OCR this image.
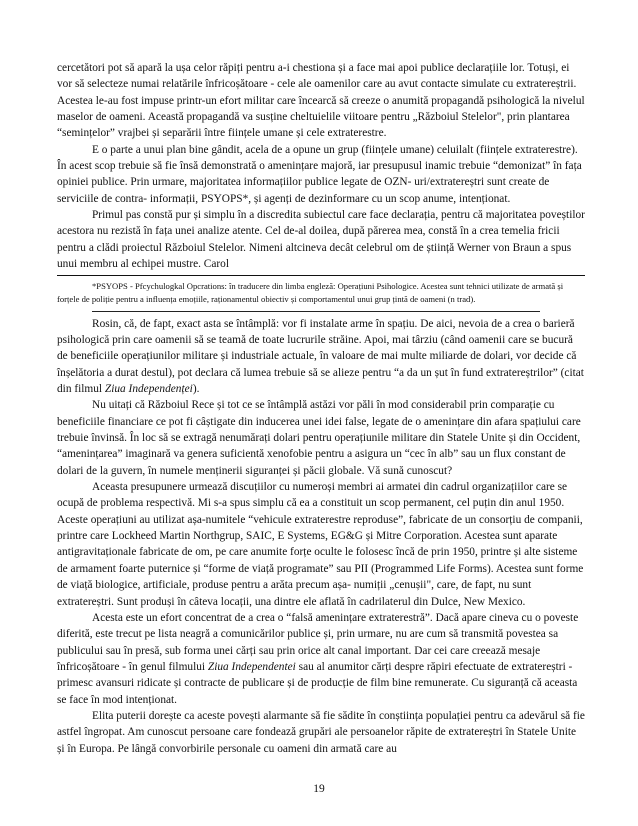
cercetători pot să apară la ușa celor răpiți pentru a-i chestiona și a face mai apoi publice declarațiile lor. Totuși, ei vor să selecteze numai relatările înfricoșătoare - cele ale oamenilor care au avut contacte simulate cu extratereștrii. Acestea le-au fost impuse printr-un efort militar care încearcă să creeze o anumită propagandă psihologică la nivelul maselor de oameni. Această propagandă va susține cheltuielile viitoare pentru „Războiul Stelelor", prin plantarea “semințelor” vrajbei și separării între ființele umane și cele extraterestre.

E o parte a unui plan bine gândit, acela de a opune un grup (ființele umane) celuilalt (ființele extraterestre). În acest scop trebuie să fie însă demonstrată o amenințare majoră, iar presupusul inamic trebuie “demonizat” în fața opiniei publice. Prin urmare, majoritatea informațiilor publice legate de OZN- uri/extratereștri sunt create de serviciile de contra- informații, PSYOPS*, și agenți de dezinformare cu un scop anume, intenționat.

Primul pas constă pur și simplu în a discredita subiectul care face declarația, pentru că majoritatea poveștilor acestora nu rezistă în fața unei analize atente. Cel de-al doilea, după părerea mea, constă în a crea temelia fricii pentru a clădi proiectul Războiul Stelelor. Nimeni altcineva decât celebrul om de știință Werner von Braun a spus unui membru al echipei mustre. Carol

*PSYOPS - Pfcychulogkal Opcrations: în traducere din limba engleză: Operațiuni Psihologice. Acestea sunt tehnici utilizate de armată și forțele de poliție pentru a influența emoțiile, raționamentul obiectiv și comportamentul unui grup țintă de oameni (n trad).

Rosin, că, de fapt, exact asta se întâmplă: vor fi instalate arme în spațiu. De aici, nevoia de a crea o barieră psihologică prin care oamenii să se teamă de toate lucrurile străine. Apoi, mai târziu (când oamenii care se bucură de beneficiile operațiunilor militare și industriale actuale, în valoare de mai multe miliarde de dolari, vor decide că înșelătoria a durat destul), pot declara că lumea trebuie să se alieze pentru “a da un șut în fund extratereștrilor” (citat din filmul Ziua Independenței).

Nu uitați că Războiul Rece și tot ce se întâmplă astăzi vor păli în mod considerabil prin comparație cu beneficiile financiare ce pot fi câștigate din inducerea unei idei false, legate de o amenințare din afara spațiului care trebuie învinsă. În loc să se extragă nenumărați dolari pentru operațiunile militare din Statele Unite și din Occident, “amenințarea” imaginară va genera suficientă xenofobie pentru a asigura un “cec în alb” sau un flux constant de dolari de la guvern, în numele menținerii siguranței și păcii globale. Vă sună cunoscut?

Aceasta presupunere urmează discuțiilor cu numeroși membri ai armatei din cadrul organizațiilor care se ocupă de problema respectivă. Mi s-a spus simplu că ea a constituit un scop permanent, cel puțin din anul 1950. Aceste operațiuni au utilizat așa-numitele “vehicule extraterestre reproduse”, fabricate de un consorțiu de companii, printre care Lockheed Martin Northgrup, SAIC, E Systems, EG&G și Mitre Corporation. Acestea sunt aparate antigravitaționale fabricate de om, pe care anumite forțe oculte le folosesc încă de prin 1950, printre și alte sisteme de armament foarte puternice și “forme de viață programate” sau PII (Programmed Life Forms). Acestea sunt forme de viață biologice, artificiale, produse pentru a arăta precum așa- numiții „cenușii", care, de fapt, nu sunt extratereștri. Sunt produși în câteva locații, una dintre ele aflată în cadrilaterul din Dulce, New Mexico.

Acesta este un efort concentrat de a crea o “falsă amenințare extraterestră”. Dacă apare cineva cu o poveste diferită, este trecut pe lista neagră a comunicărilor publice și, prin urmare, nu are cum să transmită povestea sa publicului sau în presă, sub forma unei cărți sau prin orice alt canal important. Dar cei care creează mesaje înfricoșătoare - în genul filmului Ziua Independentei sau al anumitor cărți despre răpiri efectuate de extratereștri - primesc avansuri ridicate și contracte de publicare și de producție de film bine remunerate. Cu siguranță că aceasta se face în mod intenționat.

Elita puterii dorește ca aceste povești alarmante să fie sădite în conștiința populației pentru ca adevărul să fie astfel îngropat. Am cunoscut persoane care fondează grupări ale persoanelor răpite de extratereștri în Statele Unite și în Europa. Pe lângă convorbirile personale cu oameni din armată care au

19
